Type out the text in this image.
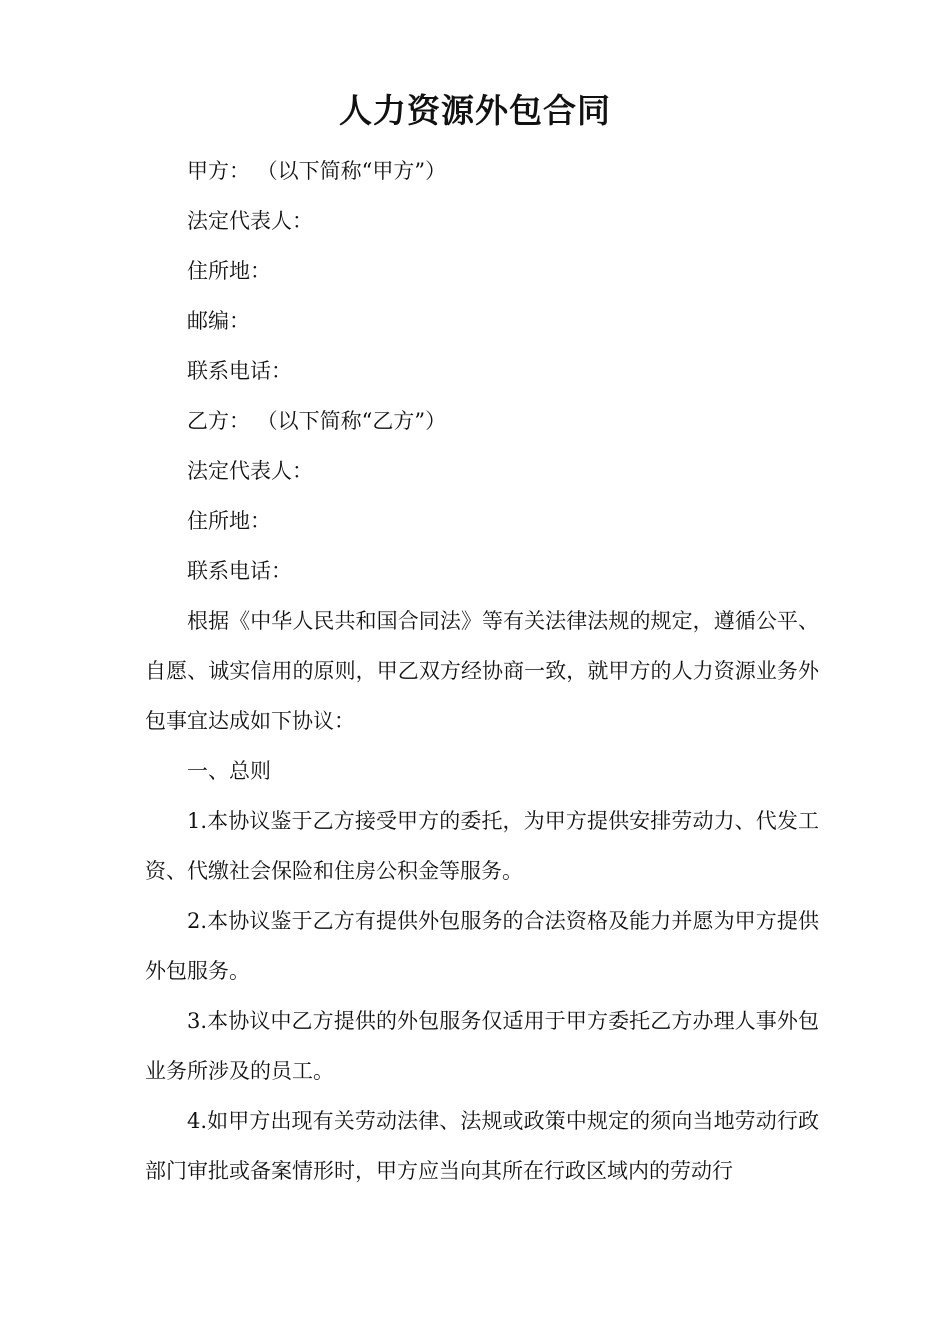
人力资源外包合同

甲方： （以下简称“甲方”）

法定代表人：

住所地：

邮编：

联系电话：

乙方： （以下简称“乙方”）

法定代表人：

住所地：

联系电话：

根据《中华人民共和国合同法》等有关法律法规的规定，遵循公平、自愿、诚实信用的原则，甲乙双方经协商一致，就甲方的人力资源业务外包事宜达成如下协议：

一、总则

1.本协议鉴于乙方接受甲方的委托，为甲方提供安排劳动力、代发工资、代缴社会保险和住房公积金等服务。

2.本协议鉴于乙方有提供外包服务的合法资格及能力并愿为甲方提供外包服务。

3.本协议中乙方提供的外包服务仅适用于甲方委托乙方办理人事外包业务所涉及的员工。

4.如甲方出现有关劳动法律、法规或政策中规定的须向当地劳动行政部门审批或备案情形时，甲方应当向其所在行政区域内的劳动行
